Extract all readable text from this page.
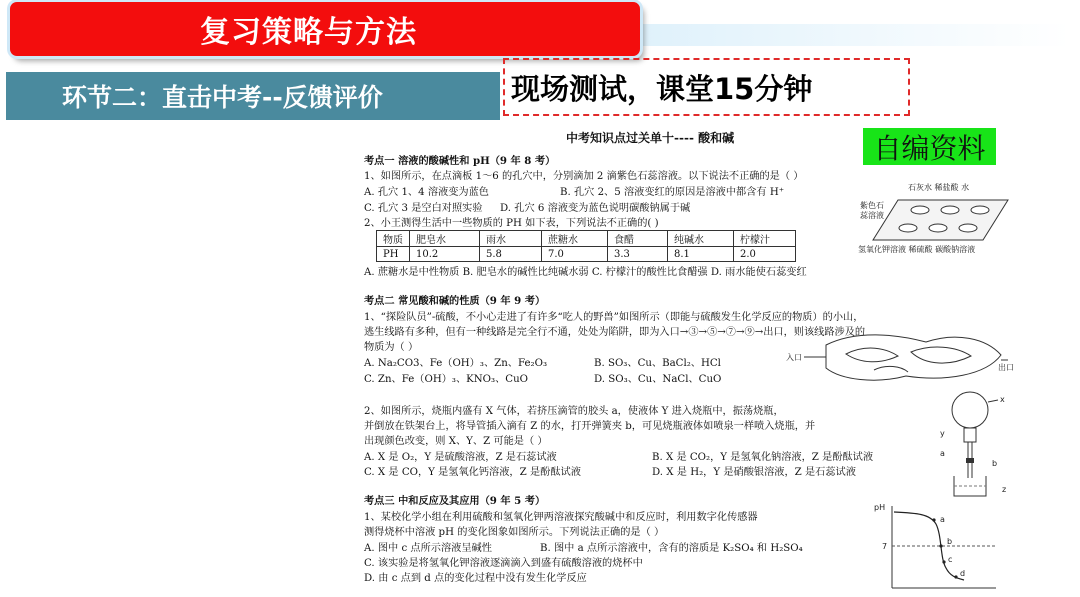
复习策略与方法
环节二：直击中考--反馈评价	现场测试，课堂15分钟
自编资料
中考知识点过关单十---- 酸和碱
考点一 溶液的酸碱性和 pH（9 年 8 考）
1、如图所示，在点滴板 1～6 的孔穴中，分别滴加 2 滴紫色石蕊溶液。以下说法不正确的是（ ）
A. 孔穴 1、4 溶液变为蓝色	B. 孔穴 2、5 溶液变红的原因是溶液中都含有 H⁺
C. 孔穴 3 是空白对照实验 D. 孔穴 6 溶液变为蓝色说明碳酸钠属于碱
2、小王测得生活中一些物质的 PH 如下表，下列说法不正确的( )
物质	肥皂水	雨水	蔗糖水	食醋	纯碱水	柠檬汁
PH	10.2	5.8	7.0	3.3	8.1	2.0
A. 蔗糖水是中性物质 B. 肥皂水的碱性比纯碱水弱 C. 柠檬汁的酸性比食醋强 D. 雨水能使石蕊变红
石灰水 稀盐酸 水
紫色石
蕊溶液
氢氧化钾溶液 稀硫酸 碳酸钠溶液
考点二 常见酸和碱的性质（9 年 9 考）
1、“探险队员”-硫酸，不小心走进了有许多“吃人的野兽”如图所示（即能与硫酸发生化学反应的物质）的小山，
逃生线路有多种，但有一种线路是完全行不通，处处为陷阱，即为入口→③→⑤→⑦→⑨→出口，则该线路涉及的
物质为（ ）
A. Na₂CO3、Fe（OH）₃、Zn、Fe₂O₃	B. SO₃、Cu、BaCl₂、HCl
C. Zn、Fe（OH）₃、KNO₃、CuO	D. SO₃、Cu、NaCl、CuO
入口
出口
2、如图所示，烧瓶内盛有 X 气体，若挤压滴管的胶头 a，使液体 Y 进入烧瓶中，振荡烧瓶，
并倒放在铁架台上，将导管插入滴有 Z 的水，打开弹簧夹 b，可见烧瓶液体如喷泉一样喷入烧瓶，并
出现颜色改变，则 X、Y、Z 可能是（ ）
A. X 是 O₂，Y 是硫酸溶液，Z 是石蕊试液	B. X 是 CO₂，Y 是氢氧化钠溶液，Z 是酚酞试液
C. X 是 CO，Y 是氢氧化钙溶液，Z 是酚酞试液	D. X 是 H₂，Y 是硝酸银溶液，Z 是石蕊试液
x
y
a
b
z
考点三 中和反应及其应用（9 年 5 考）
1、某校化学小组在利用硫酸和氢氧化钾两溶液探究酸碱中和反应时，利用数字化传感器
测得烧杯中溶液 pH 的变化图象如图所示。下列说法正确的是（ ）
A. 图中 c 点所示溶液呈碱性	B. 图中 a 点所示溶液中，含有的溶质是 K₂SO₄ 和 H₂SO₄
C. 该实验是将氢氧化钾溶液逐滴滴入到盛有硫酸溶液的烧杯中
D. 由 c 点到 d 点的变化过程中没有发生化学反应
pH
7
a
b
c
d
